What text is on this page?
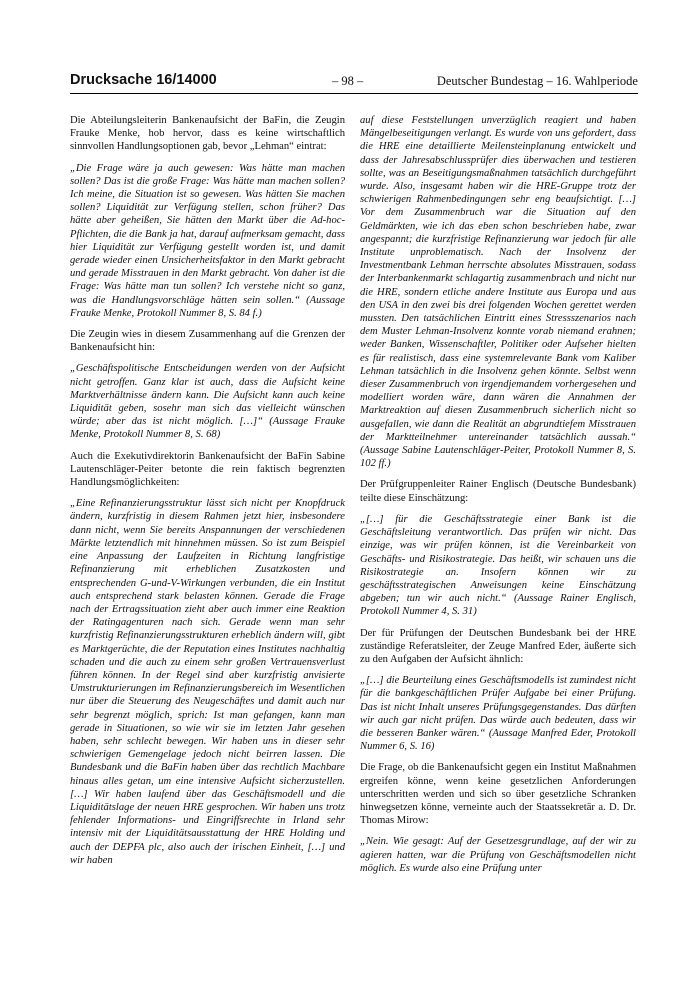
Drucksache 16/14000	– 98 –	Deutscher Bundestag – 16. Wahlperiode

Die Abteilungsleiterin Bankenaufsicht der BaFin, die Zeugin Frauke Menke, hob hervor, dass es keine wirtschaftlich sinnvollen Handlungsoptionen gab, bevor „Lehman“ eintrat:

„Die Frage wäre ja auch gewesen: Was hätte man machen sollen? Das ist die große Frage: Was hätte man machen sollen? Ich meine, die Situation ist so gewesen. Was hätten Sie machen sollen? Liquidität zur Verfügung stellen, schon früher? Das hätte aber geheißen, Sie hätten den Markt über die Ad-hoc-Pflichten, die die Bank ja hat, darauf aufmerksam gemacht, dass hier Liquidität zur Verfügung gestellt worden ist, und damit gerade wieder einen Unsicherheitsfaktor in den Markt gebracht und gerade Misstrauen in den Markt gebracht. Von daher ist die Frage: Was hätte man tun sollen? Ich verstehe nicht so ganz, was die Handlungsvorschläge hätten sein sollen.“ (Aussage Frauke Menke, Protokoll Nummer 8, S. 84 f.)

Die Zeugin wies in diesem Zusammenhang auf die Grenzen der Bankenaufsicht hin:

„Geschäftspolitische Entscheidungen werden von der Aufsicht nicht getroffen. Ganz klar ist auch, dass die Aufsicht keine Marktverhältnisse ändern kann. Die Aufsicht kann auch keine Liquidität geben, sosehr man sich das vielleicht wünschen würde; aber das ist nicht möglich. […]“ (Aussage Frauke Menke, Protokoll Nummer 8, S. 68)

Auch die Exekutivdirektorin Bankenaufsicht der BaFin Sabine Lautenschläger-Peiter betonte die rein faktisch begrenzten Handlungsmöglichkeiten:

„Eine Refinanzierungsstruktur lässt sich nicht per Knopfdruck ändern, kurzfristig in diesem Rahmen jetzt hier, insbesondere dann nicht, wenn Sie bereits Anspannungen der verschiedenen Märkte letztendlich mit hinnehmen müssen. So ist zum Beispiel eine Anpassung der Laufzeiten in Richtung langfristige Refinanzierung mit erheblichen Zusatzkosten und entsprechenden G-und-V-Wirkungen verbunden, die ein Institut auch entsprechend stark belasten können. Gerade die Frage nach der Ertragssituation zieht aber auch immer eine Reaktion der Ratingagenturen nach sich. Gerade wenn man sehr kurzfristig Refinanzierungsstrukturen erheblich ändern will, gibt es Marktgerüchte, die der Reputation eines Institutes nachhaltig schaden und die auch zu einem sehr großen Vertrauensverlust führen können. In der Regel sind aber kurzfristig anvisierte Umstrukturierungen im Refinanzierungsbereich im Wesentlichen nur über die Steuerung des Neugeschäftes und damit auch nur sehr begrenzt möglich, sprich: Ist man gefangen, kann man gerade in Situationen, so wie wir sie im letzten Jahr gesehen haben, sehr schlecht bewegen. Wir haben uns in dieser sehr schwierigen Gemengelage jedoch nicht beirren lassen. Die Bundesbank und die BaFin haben über das rechtlich Machbare hinaus alles getan, um eine intensive Aufsicht sicherzustellen. […] Wir haben laufend über das Geschäftsmodell und die Liquiditätslage der neuen HRE gesprochen. Wir haben uns trotz fehlender Informations- und Eingriffsrechte in Irland sehr intensiv mit der Liquiditätsausstattung der HRE Holding und auch der DEPFA plc, also auch der irischen Einheit, […] und wir haben

auf diese Feststellungen unverzüglich reagiert und haben Mängelbeseitigungen verlangt. Es wurde von uns gefordert, dass die HRE eine detaillierte Meilensteinplanung entwickelt und dass der Jahresabschlussprüfer dies überwachen und testieren sollte, was an Beseitigungsmaßnahmen tatsächlich durchgeführt wurde. Also, insgesamt haben wir die HRE-Gruppe trotz der schwierigen Rahmenbedingungen sehr eng beaufsichtigt. […] Vor dem Zusammenbruch war die Situation auf den Geldmärkten, wie ich das eben schon beschrieben habe, zwar angespannt; die kurzfristige Refinanzierung war jedoch für alle Institute unproblematisch. Nach der Insolvenz der Investmentbank Lehman herrschte absolutes Misstrauen, sodass der Interbankenmarkt schlagartig zusammenbrach und nicht nur die HRE, sondern etliche andere Institute aus Europa und aus den USA in den zwei bis drei folgenden Wochen gerettet werden mussten. Den tatsächlichen Eintritt eines Stressszenarios nach dem Muster Lehman-Insolvenz konnte vorab niemand erahnen; weder Banken, Wissenschaftler, Politiker oder Aufseher hielten es für realistisch, dass eine systemrelevante Bank vom Kaliber Lehman tatsächlich in die Insolvenz gehen könnte. Selbst wenn dieser Zusammenbruch von irgendjemandem vorhergesehen und modelliert worden wäre, dann wären die Annahmen der Marktreaktion auf diesen Zusammenbruch sicherlich nicht so ausgefallen, wie dann die Realität an abgrundtiefem Misstrauen der Marktteilnehmer untereinander tatsächlich aussah.“ (Aussage Sabine Lautenschläger-Peiter, Protokoll Nummer 8, S. 102 ff.)

Der Prüfgruppenleiter Rainer Englisch (Deutsche Bundesbank) teilte diese Einschätzung:

„[…] für die Geschäftsstrategie einer Bank ist die Geschäftsleitung verantwortlich. Das prüfen wir nicht. Das einzige, was wir prüfen können, ist die Vereinbarkeit von Geschäfts- und Risikostrategie. Das heißt, wir schauen uns die Risikostrategie an. Insofern können wir zu geschäftsstrategischen Anweisungen keine Einschätzung abgeben; tun wir auch nicht.“ (Aussage Rainer Englisch, Protokoll Nummer 4, S. 31)

Der für Prüfungen der Deutschen Bundesbank bei der HRE zuständige Referatsleiter, der Zeuge Manfred Eder, äußerte sich zu den Aufgaben der Aufsicht ähnlich:

„[…] die Beurteilung eines Geschäftsmodells ist zumindest nicht für die bankgeschäftlichen Prüfer Aufgabe bei einer Prüfung. Das ist nicht Inhalt unseres Prüfungsgegenstandes. Das dürften wir auch gar nicht prüfen. Das würde auch bedeuten, dass wir die besseren Banker wären.“ (Aussage Manfred Eder, Protokoll Nummer 6, S. 16)

Die Frage, ob die Bankenaufsicht gegen ein Institut Maßnahmen ergreifen könne, wenn keine gesetzlichen Anforderungen unterschritten werden und sich so über gesetzliche Schranken hinwegsetzen könne, verneinte auch der Staatssekretär a. D. Dr. Thomas Mirow:

„Nein. Wie gesagt: Auf der Gesetzesgrundlage, auf der wir zu agieren hatten, war die Prüfung von Geschäftsmodellen nicht möglich. Es wurde also eine Prüfung unter
